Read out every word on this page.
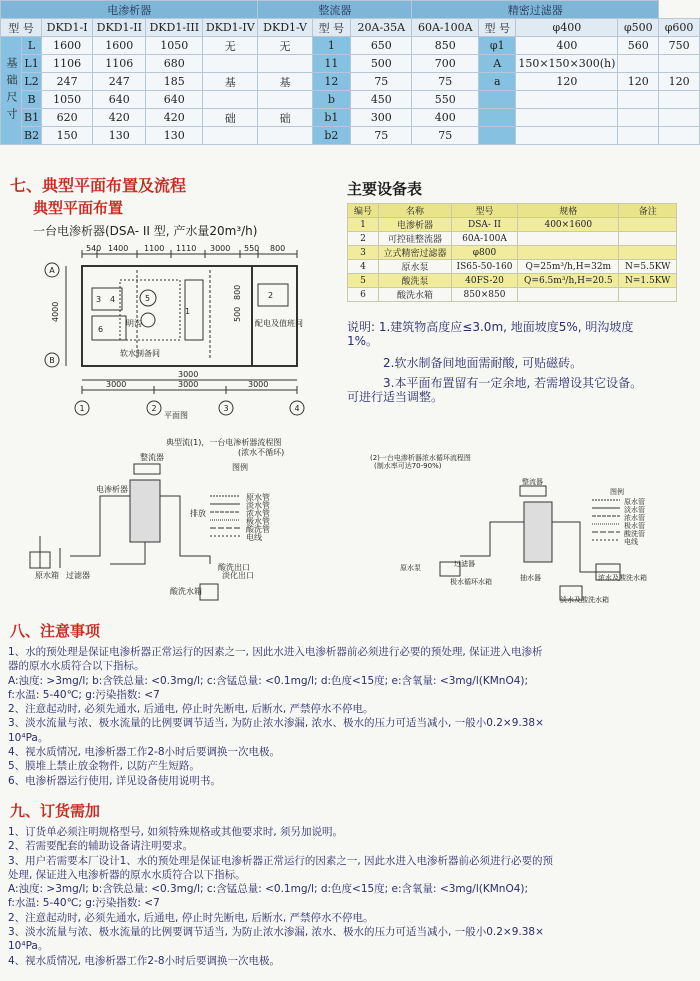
电渗析器						整流器			精密过滤器				
型 号		DKD1-I	DKD1-II	DKD1-III	DKD1-IV	DKD1-V	型 号	20A-35A	60A-100A	型 号	φ400	φ500	φ600
基础尺寸	L	1600	1600	1050	无	无	1	650	850	φ1	400	560	750
	L1	1106	1106	680			11	500	700	A	150×150×300(h)		
	L2	247	247	185	基	基	12	75	75	a	120	120	120
	B	1050	640	640			b	450	550				
	B1	620	420	420	础	础	b1	300	400				
	B2	150	130	130			b2	75	75				
七、典型平面布置及流程
典型平面布置
一台电渗析器(DSA- II 型, 产水量20m³/h)
540 1400 1100 1110 3000 550 800
3000	3000	3000
3000
4000
800
500
明沟	配电及值班间
软水制备间
1
2
3 4	5
6
平面图
A
B
1	2	3	4
典型流(1)，一台电渗析器流程图
(浓水不循环)
整流器
电渗析器
排放
原水箱 过滤器
酸洗出口
淡化出口
酸洗水箱
图例
原水管
淡水管
浓水管
极水管
酸洗管
电线
主要设备表
编号	名称	型号	规格	备注
1	电渗析器	DSA- II	400×1600	
2	可控硅整流器	60A-100A		
3	立式精密过滤器	φ800		
4	原水泵	IS65-50-160	Q=25m³/h,H=32m	N=5.5KW
5	酸洗泵	40FS-20	Q=6.5m³/h,H=20.5	N=1.5KW
6	酸洗水箱	850×850		
说明: 1.建筑物高度应≤3.0m, 地面坡度5%, 明沟坡度
1%。
2.软水制备间地面需耐酸, 可贴磁砖。
3.本平面布置留有一定余地, 若需增设其它设备。
可进行适当调整。
(2)一台电渗析器浓水循环流程图
(制水率可达70-90%)
整流器
原水泵	过滤器
极水循环水箱	抽水器	浓水及酸洗水箱
淡水及酸洗水箱
图例
原水管
淡水管
浓水管
极水管
酸洗管
电线
八、注意事项
1、水的预处理是保证电渗析器正常运行的因素之一, 因此水进入电渗析器前必须进行必要的预处理, 保证进入电渗析
器的原水水质符合以下指标。
A:浊度: >3mg/l; b:含铁总量: <0.3mg/l; c:含锰总量: <0.1mg/l; d:色度<15度; e:含氧量: <3mg/l(KMnO4);
f:水温: 5-40℃; g:污染指数: <7
2、注意起动时, 必须先通水, 后通电, 停止时先断电, 后断水, 严禁停水不停电。
3、淡水流量与浓、极水流量的比例要调节适当, 为防止浓水渗漏, 浓水、极水的压力可适当减小, 一般小0.2×9.38×
10⁴Pa。
4、视水质情况, 电渗析器工作2-8小时后要调换一次电极。
5、膜堆上禁止放金物件, 以防产生短路。
6、电渗析器运行使用, 详见设备使用说明书。
九、订货需加
1、订货单必须注明规格型号, 如须特殊规格或其他要求时, 须另加说明。
2、若需要配套的辅助设备请注明要求。
3、用户若需要本厂设计1、水的预处理是保证电渗析器正常运行的因素之一, 因此水进入电渗析器前必须进行必要的预
处理, 保证进入电渗析器的原水水质符合以下指标。
A:浊度: >3mg/l; b:含铁总量: <0.3mg/l; c:含锰总量: <0.1mg/l; d:色度<15度; e:含氧量: <3mg/l(KMnO4);
f:水温: 5-40℃; g:污染指数: <7
2、注意起动时, 必须先通水, 后通电, 停止时先断电, 后断水, 严禁停水不停电。
3、淡水流量与浓、极水流量的比例要调节适当, 为防止浓水渗漏, 浓水、极水的压力可适当减小, 一般小0.2×9.38×
10⁴Pa。
4、视水质情况, 电渗析器工作2-8小时后要调换一次电极。
